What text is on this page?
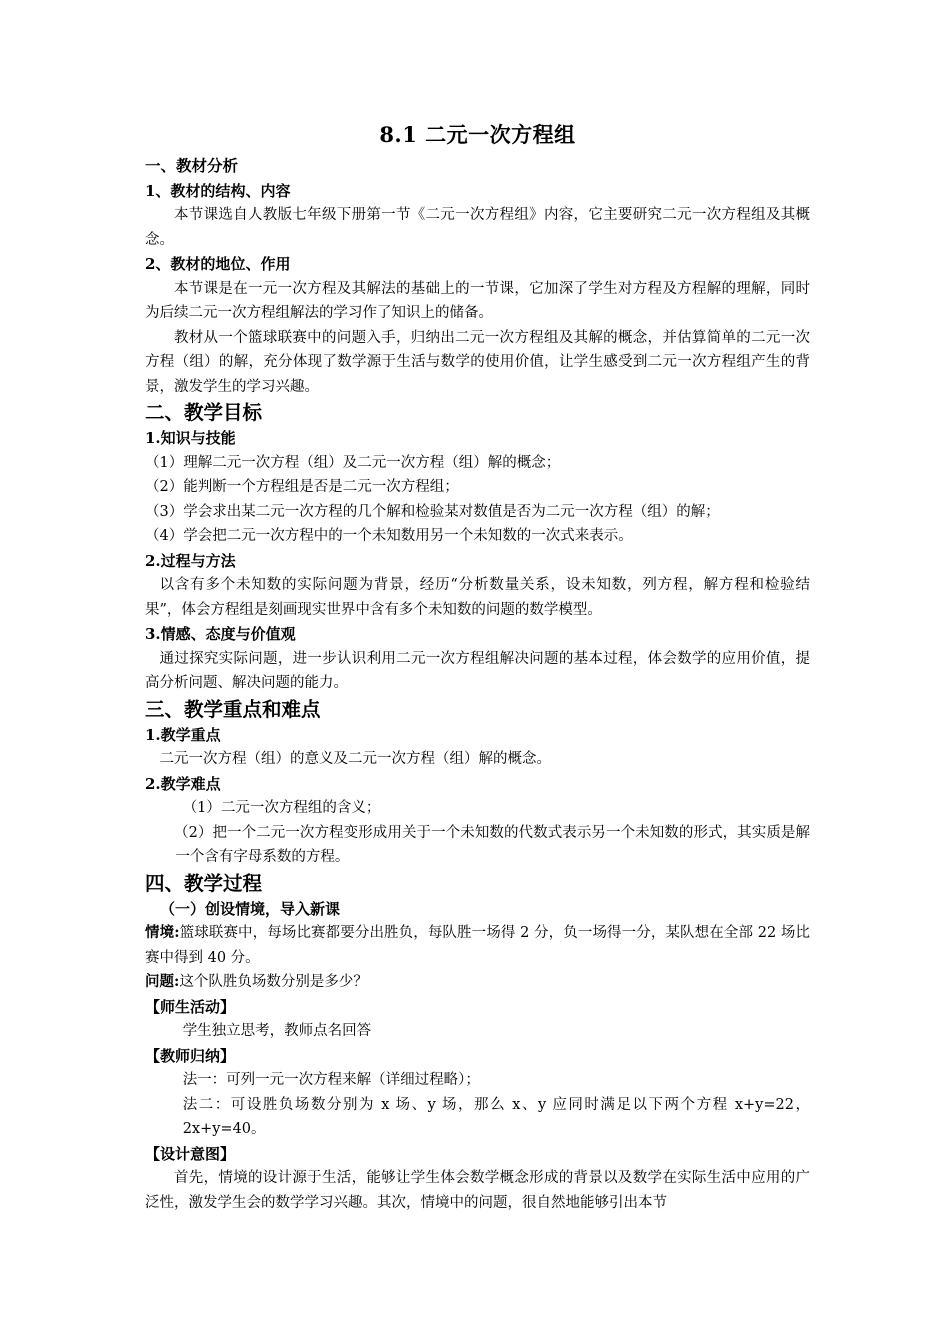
8.1 二元一次方程组
一、教材分析
1、教材的结构、内容

本节课选自人教版七年级下册第一节《二元一次方程组》内容，它主要研究二元一次方程组及其概念。

2、教材的地位、作用

本节课是在一元一次方程及其解法的基础上的一节课，它加深了学生对方程及方程解的理解，同时为后续二元一次方程组解法的学习作了知识上的储备。

教材从一个篮球联赛中的问题入手，归纳出二元一次方程组及其解的概念，并估算简单的二元一次方程（组）的解，充分体现了数学源于生活与数学的使用价值，让学生感受到二元一次方程组产生的背景，激发学生的学习兴趣。

二、教学目标
1.知识与技能

（1）理解二元一次方程（组）及二元一次方程（组）解的概念；

（2）能判断一个方程组是否是二元一次方程组；

（3）学会求出某二元一次方程的几个解和检验某对数值是否为二元一次方程（组）的解；

（4）学会把二元一次方程中的一个未知数用另一个未知数的一次式来表示。

2.过程与方法

以含有多个未知数的实际问题为背景，经历“分析数量关系，设未知数，列方程，解方程和检验结果”，体会方程组是刻画现实世界中含有多个未知数的问题的数学模型。

3.情感、态度与价值观

通过探究实际问题，进一步认识利用二元一次方程组解决问题的基本过程，体会数学的应用价值，提高分析问题、解决问题的能力。

三、教学重点和难点
1.教学重点

二元一次方程（组）的意义及二元一次方程（组）解的概念。

2.教学难点

（1）二元一次方程组的含义；

（2）把一个二元一次方程变形成用关于一个未知数的代数式表示另一个未知数的形式，其实质是解一个含有字母系数的方程。

四、教学过程
（一）创设情境，导入新课

情境:篮球联赛中，每场比赛都要分出胜负，每队胜一场得 2 分，负一场得一分，某队想在全部 22 场比赛中得到 40 分。

问题:这个队胜负场数分别是多少？

【师生活动】

学生独立思考，教师点名回答

【教师归纳】

法一：可列一元一次方程来解（详细过程略）；

法二：可设胜负场数分别为 x 场、y 场，那么 x、y 应同时满足以下两个方程 x+y=22，2x+y=40。

【设计意图】

首先，情境的设计源于生活，能够让学生体会数学概念形成的背景以及数学在实际生活中应用的广泛性，激发学生会的数学学习兴趣。其次，情境中的问题，很自然地能够引出本节
